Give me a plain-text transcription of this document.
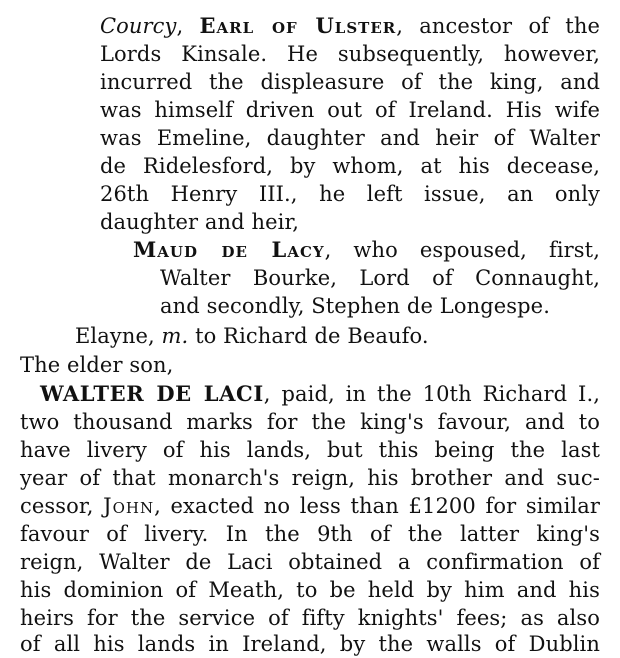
Courcy, Earl of Ulster, ancestor of the
Lords Kinsale. He subsequently, however,
incurred the displeasure of the king, and
was himself driven out of Ireland. His wife
was Emeline, daughter and heir of Walter
de Ridelesford, by whom, at his decease,
26th Henry III., he left issue, an only
daughter and heir,
Maud de Lacy, who espoused, first,
Walter Bourke, Lord of Connaught,
and secondly, Stephen de Longespe.
Elayne, m. to Richard de Beaufo.
The elder son,
WALTER DE LACI, paid, in the 10th Richard I.,
two thousand marks for the king's favour, and to
have livery of his lands, but this being the last
year of that monarch's reign, his brother and suc-
cessor, John, exacted no less than £1200 for similar
favour of livery. In the 9th of the latter king's
reign, Walter de Laci obtained a confirmation of
his dominion of Meath, to be held by him and his
heirs for the service of fifty knights' fees; as also
of all his lands in Ireland, by the walls of Dublin
